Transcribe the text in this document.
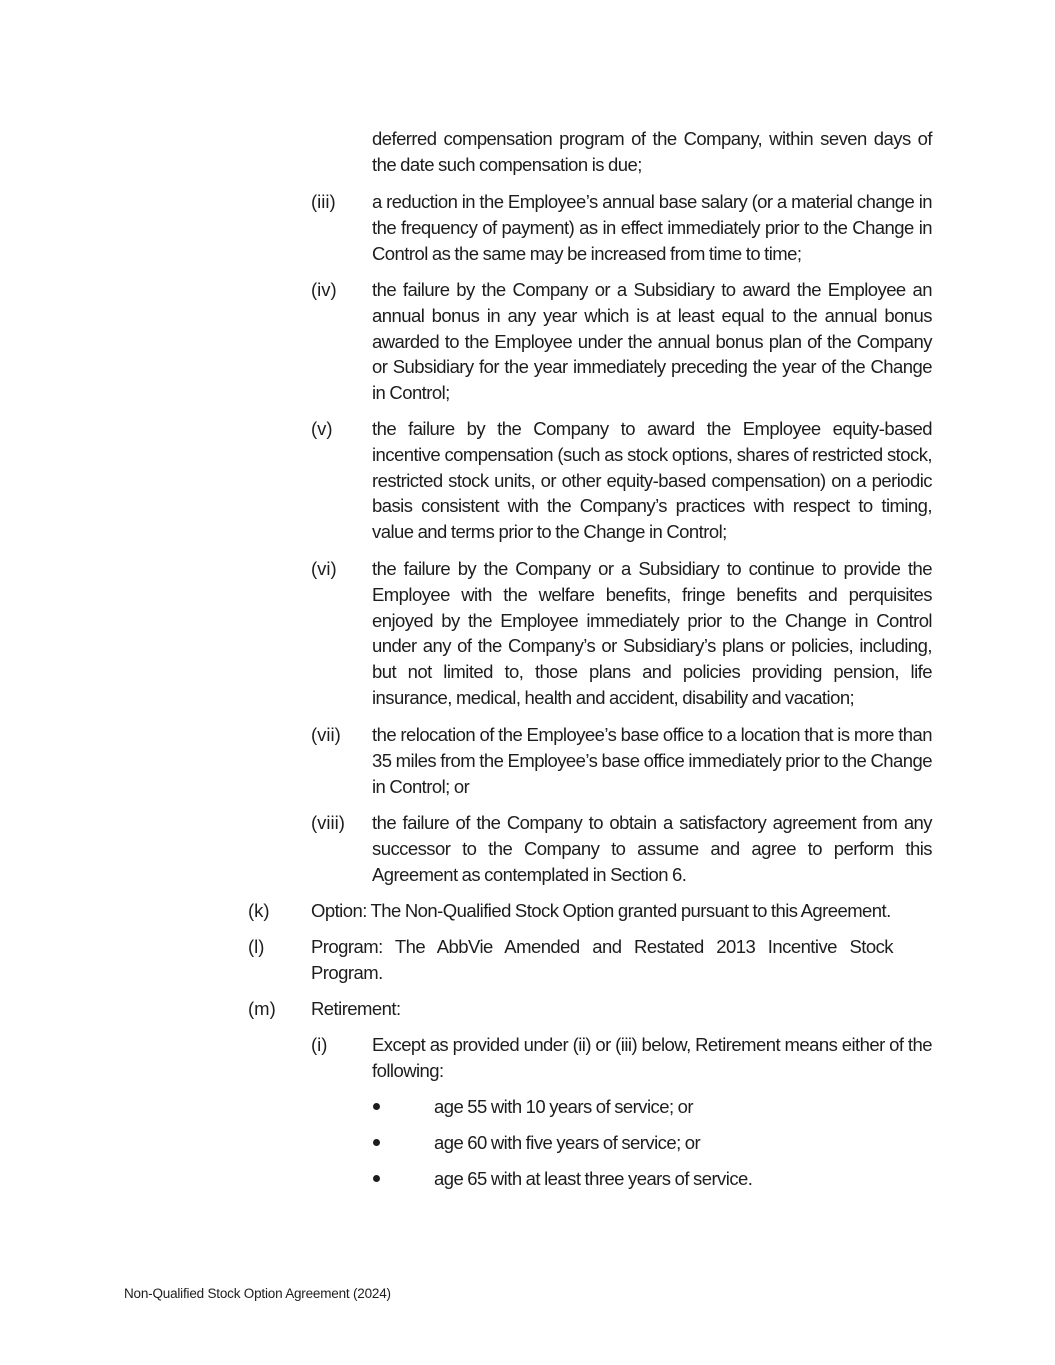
deferred compensation program of the Company, within seven days of the date such compensation is due;
(iii) a reduction in the Employee’s annual base salary (or a material change in the frequency of payment) as in effect immediately prior to the Change in Control as the same may be increased from time to time;
(iv) the failure by the Company or a Subsidiary to award the Employee an annual bonus in any year which is at least equal to the annual bonus awarded to the Employee under the annual bonus plan of the Company or Subsidiary for the year immediately preceding the year of the Change in Control;
(v) the failure by the Company to award the Employee equity-based incentive compensation (such as stock options, shares of restricted stock, restricted stock units, or other equity-based compensation) on a periodic basis consistent with the Company’s practices with respect to timing, value and terms prior to the Change in Control;
(vi) the failure by the Company or a Subsidiary to continue to provide the Employee with the welfare benefits, fringe benefits and perquisites enjoyed by the Employee immediately prior to the Change in Control under any of the Company’s or Subsidiary’s plans or policies, including, but not limited to, those plans and policies providing pension, life insurance, medical, health and accident, disability and vacation;
(vii) the relocation of the Employee’s base office to a location that is more than 35 miles from the Employee’s base office immediately prior to the Change in Control; or
(viii) the failure of the Company to obtain a satisfactory agreement from any successor to the Company to assume and agree to perform this Agreement as contemplated in Section 6.
(k) Option: The Non-Qualified Stock Option granted pursuant to this Agreement.
(l)	Program: The AbbVie Amended and Restated 2013 Incentive Stock Program.
(m) Retirement:
(i) Except as provided under (ii) or (iii) below, Retirement means either of the following:
age 55 with 10 years of service; or
age 60 with five years of service; or
age 65 with at least three years of service.
Non-Qualified Stock Option Agreement (2024)
